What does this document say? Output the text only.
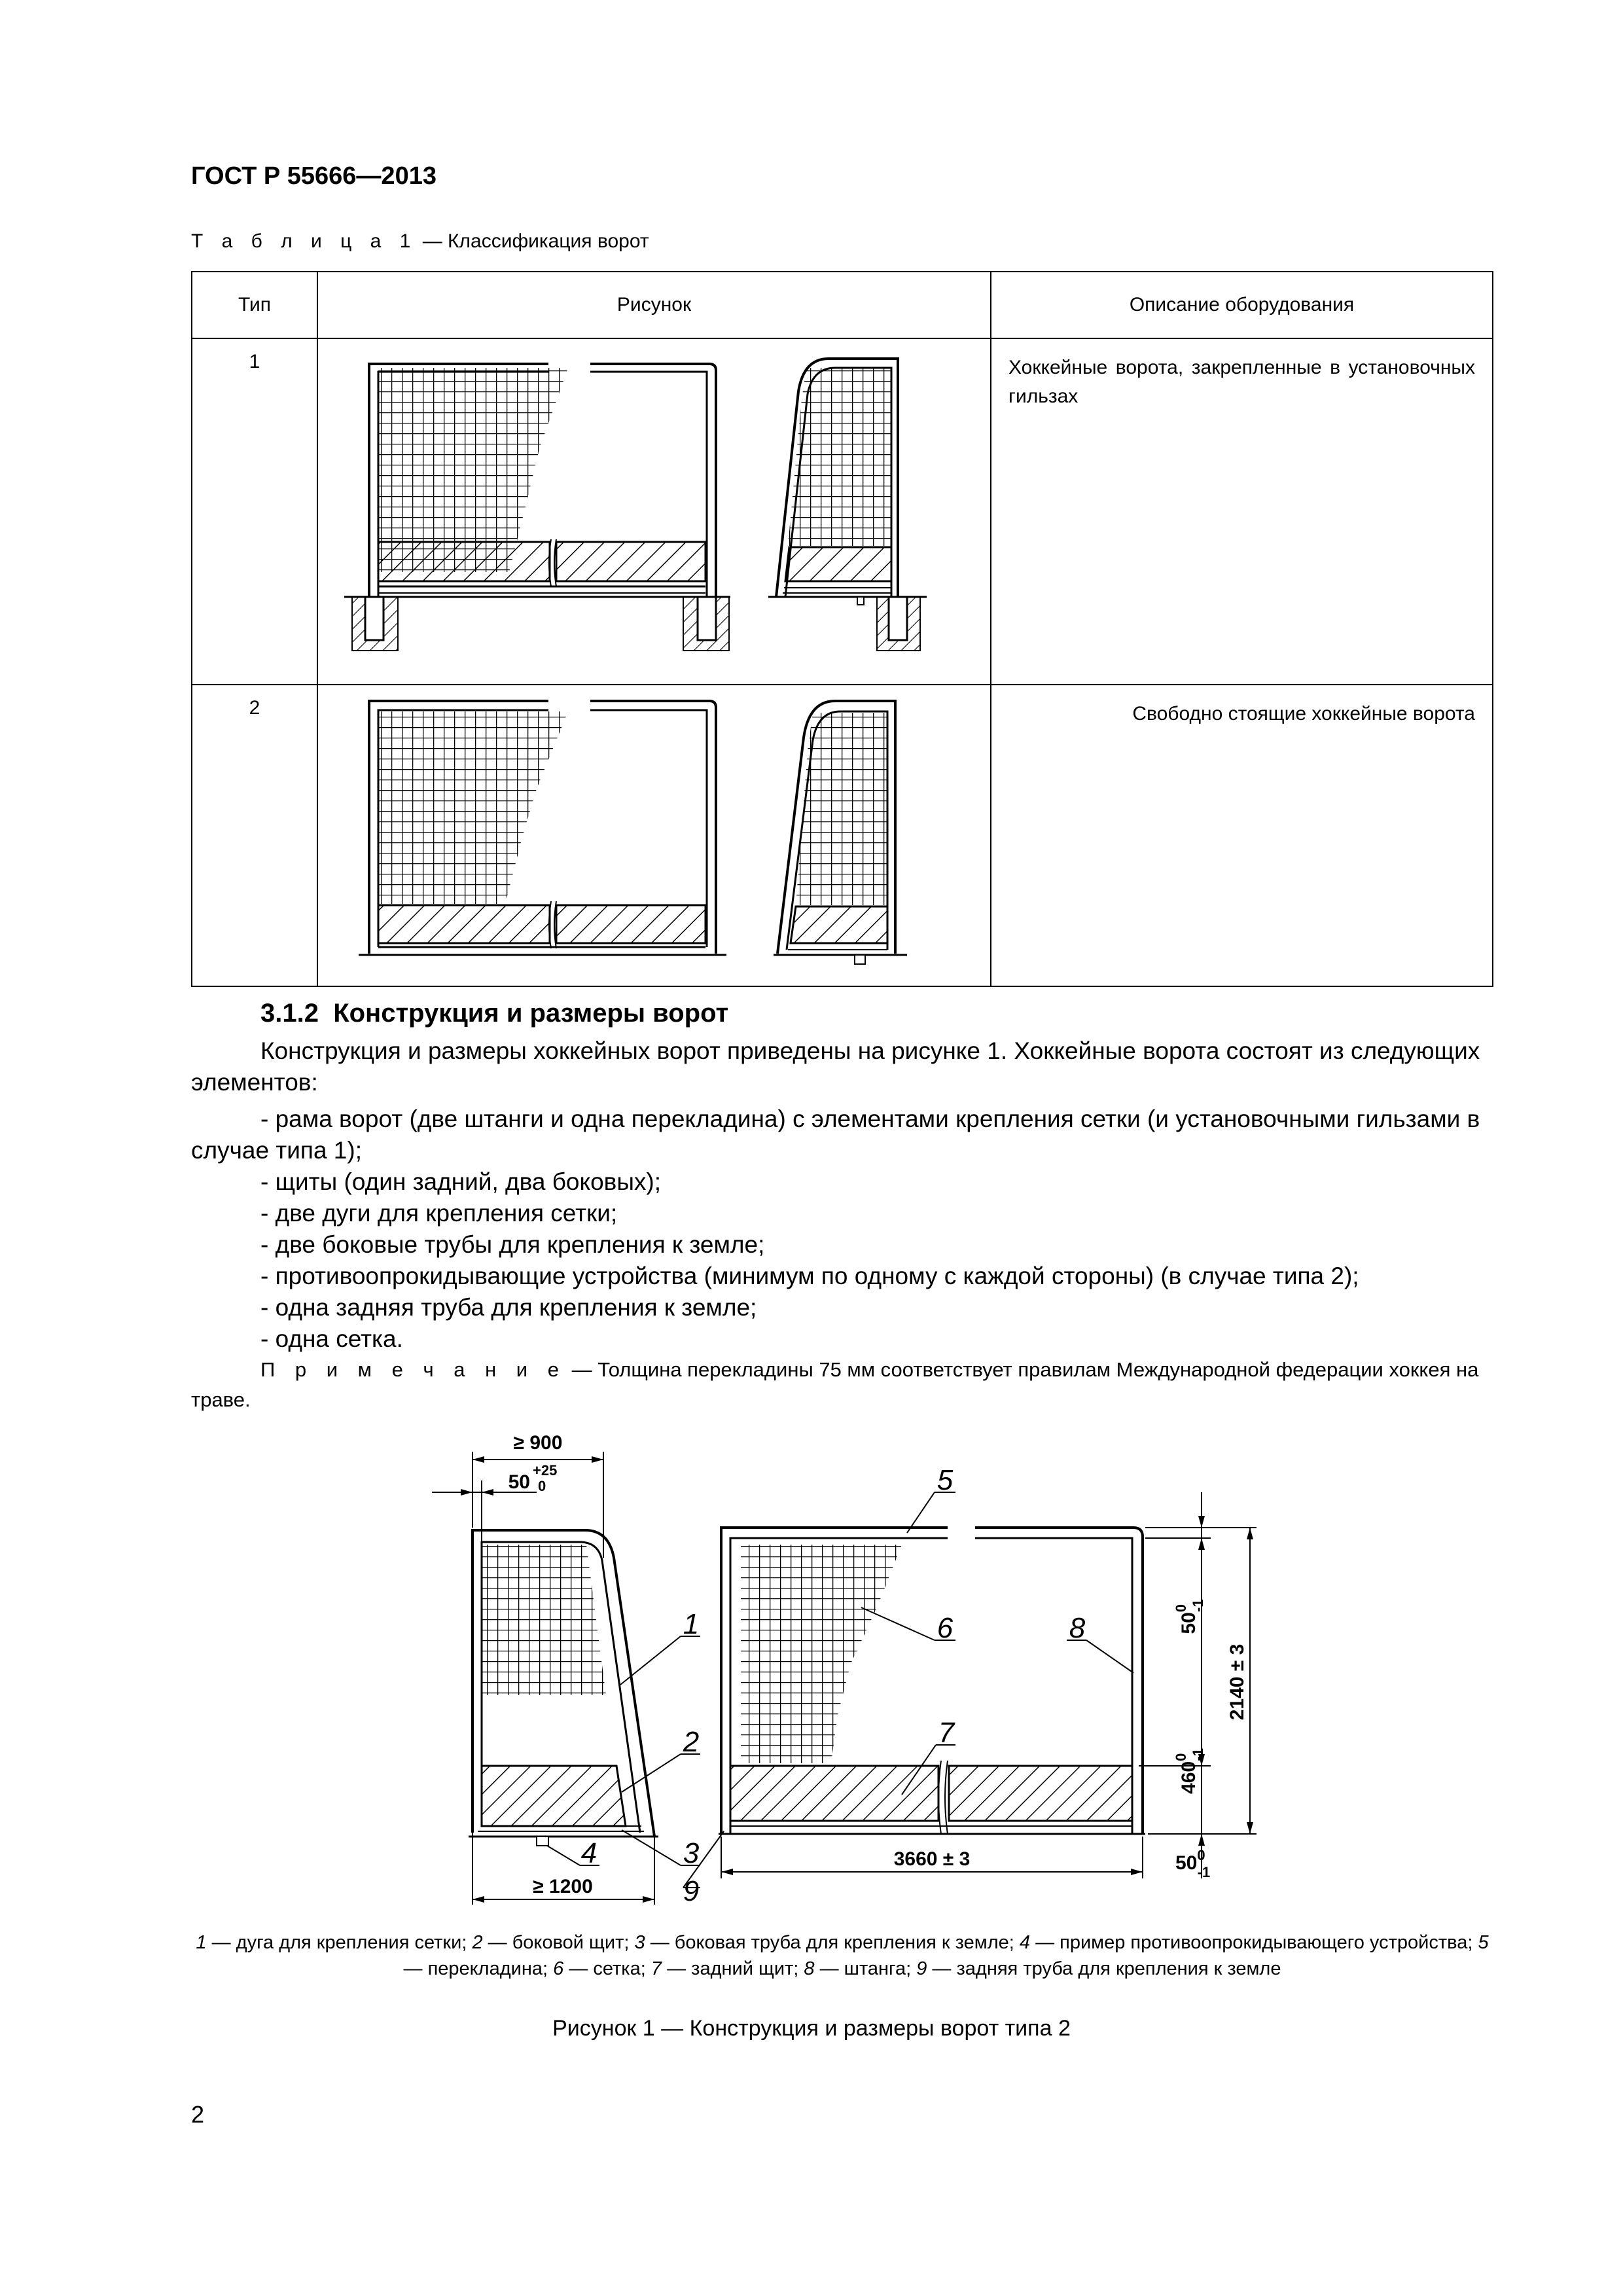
ГОСТ Р 55666—2013
Т а б л и ц а 1 — Классификация ворот
Тип	Рисунок	Описание оборудования
1		Хоккейные ворота, закрепленные в установочных гильзах
2		Свободно стоящие хоккейные ворота
3.1.2 Конструкция и размеры ворот
Конструкция и размеры хоккейных ворот приведены на рисунке 1. Хоккейные ворота состоят из следующих элементов:
- рама ворот (две штанги и одна перекладина) с элементами крепления сетки (и установочными гильзами в случае типа 1);
- щиты (один задний, два боковых);
- две дуги для крепления сетки;
- две боковые трубы для крепления к земле;
- противоопрокидывающие устройства (минимум по одному с каждой стороны) (в случае типа 2);
- одна задняя труба для крепления к земле;
- одна сетка.
П р и м е ч а н и е — Толщина перекладины 75 мм соответствует правилам Международной федерации хоккея на траве.
≥ 900
50
+25
0
≥ 1200
1
2
3
4	3660 ± 3
$50^0-1$
$460^0-1$
2140 ± 3
$50^0$ -1
5
6	8
7
9
1 — дуга для крепления сетки; 2 — боковой щит; 3 — боковая труба для крепления к земле; 4 — пример противоопрокидывающего устройства; 5 — перекладина; 6 — сетка; 7 — задний щит; 8 — штанга; 9 — задняя труба для крепления к земле
Рисунок 1 — Конструкция и размеры ворот типа 2
2
